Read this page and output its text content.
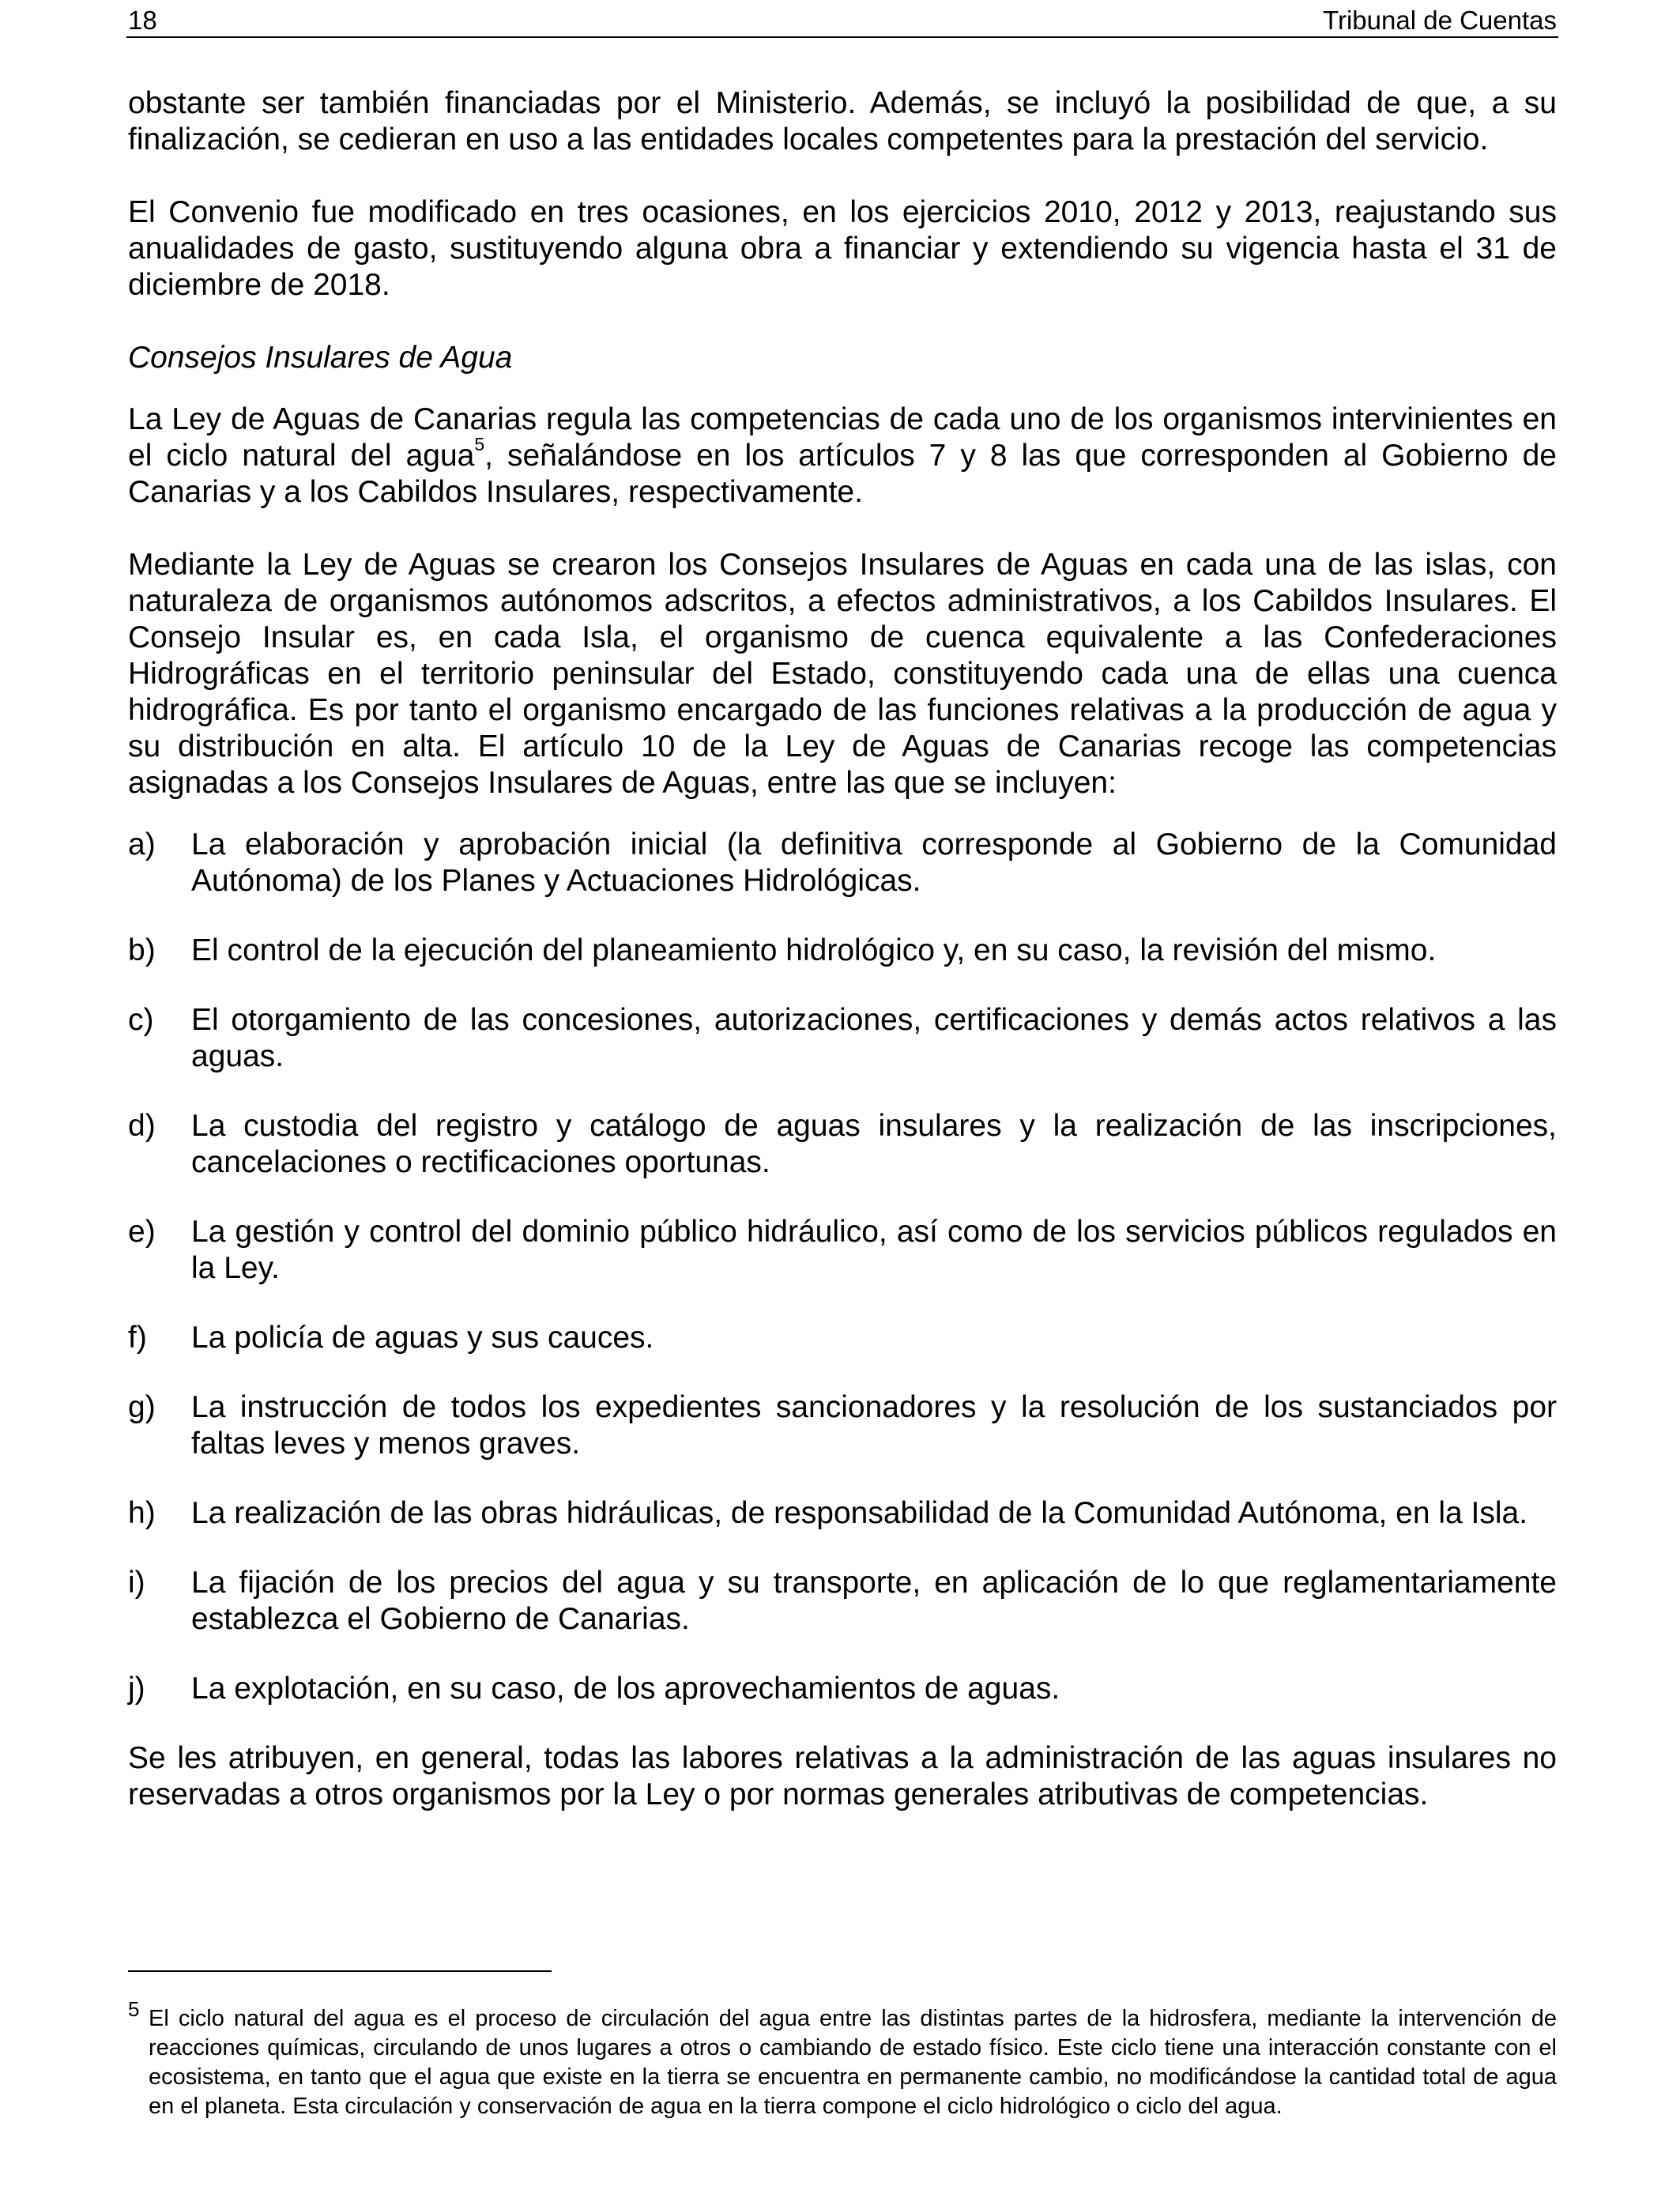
18	Tribunal de Cuentas

obstante ser también financiadas por el Ministerio. Además, se incluyó la posibilidad de que, a su finalización, se cedieran en uso a las entidades locales competentes para la prestación del servicio.

El Convenio fue modificado en tres ocasiones, en los ejercicios 2010, 2012 y 2013, reajustando sus anualidades de gasto, sustituyendo alguna obra a financiar y extendiendo su vigencia hasta el 31 de diciembre de 2018.

Consejos Insulares de Agua

La Ley de Aguas de Canarias regula las competencias de cada uno de los organismos intervinientes en el ciclo natural del agua$^5$, señalándose en los artículos 7 y 8 las que corresponden al Gobierno de Canarias y a los Cabildos Insulares, respectivamente.

Mediante la Ley de Aguas se crearon los Consejos Insulares de Aguas en cada una de las islas, con naturaleza de organismos autónomos adscritos, a efectos administrativos, a los Cabildos Insulares. El Consejo Insular es, en cada Isla, el organismo de cuenca equivalente a las Confederaciones Hidrográficas en el territorio peninsular del Estado, constituyendo cada una de ellas una cuenca hidrográfica. Es por tanto el organismo encargado de las funciones relativas a la producción de agua y su distribución en alta. El artículo 10 de la Ley de Aguas de Canarias recoge las competencias asignadas a los Consejos Insulares de Aguas, entre las que se incluyen:

a)	La elaboración y aprobación inicial (la definitiva corresponde al Gobierno de la Comunidad Autónoma) de los Planes y Actuaciones Hidrológicas.
b)	El control de la ejecución del planeamiento hidrológico y, en su caso, la revisión del mismo.
c)	El otorgamiento de las concesiones, autorizaciones, certificaciones y demás actos relativos a las aguas.
d)	La custodia del registro y catálogo de aguas insulares y la realización de las inscripciones, cancelaciones o rectificaciones oportunas.
e)	La gestión y control del dominio público hidráulico, así como de los servicios públicos regulados en la Ley.
f)	La policía de aguas y sus cauces.
g)	La instrucción de todos los expedientes sancionadores y la resolución de los sustanciados por faltas leves y menos graves.
h)	La realización de las obras hidráulicas, de responsabilidad de la Comunidad Autónoma, en la Isla.
i)	La fijación de los precios del agua y su transporte, en aplicación de lo que reglamentariamente establezca el Gobierno de Canarias.
j)	La explotación, en su caso, de los aprovechamientos de aguas.

Se les atribuyen, en general, todas las labores relativas a la administración de las aguas insulares no reservadas a otros organismos por la Ley o por normas generales atributivas de competencias.

5 El ciclo natural del agua es el proceso de circulación del agua entre las distintas partes de la hidrosfera, mediante la intervención de reacciones químicas, circulando de unos lugares a otros o cambiando de estado físico. Este ciclo tiene una interacción constante con el ecosistema, en tanto que el agua que existe en la tierra se encuentra en permanente cambio, no modificándose la cantidad total de agua en el planeta. Esta circulación y conservación de agua en la tierra compone el ciclo hidrológico o ciclo del agua.
